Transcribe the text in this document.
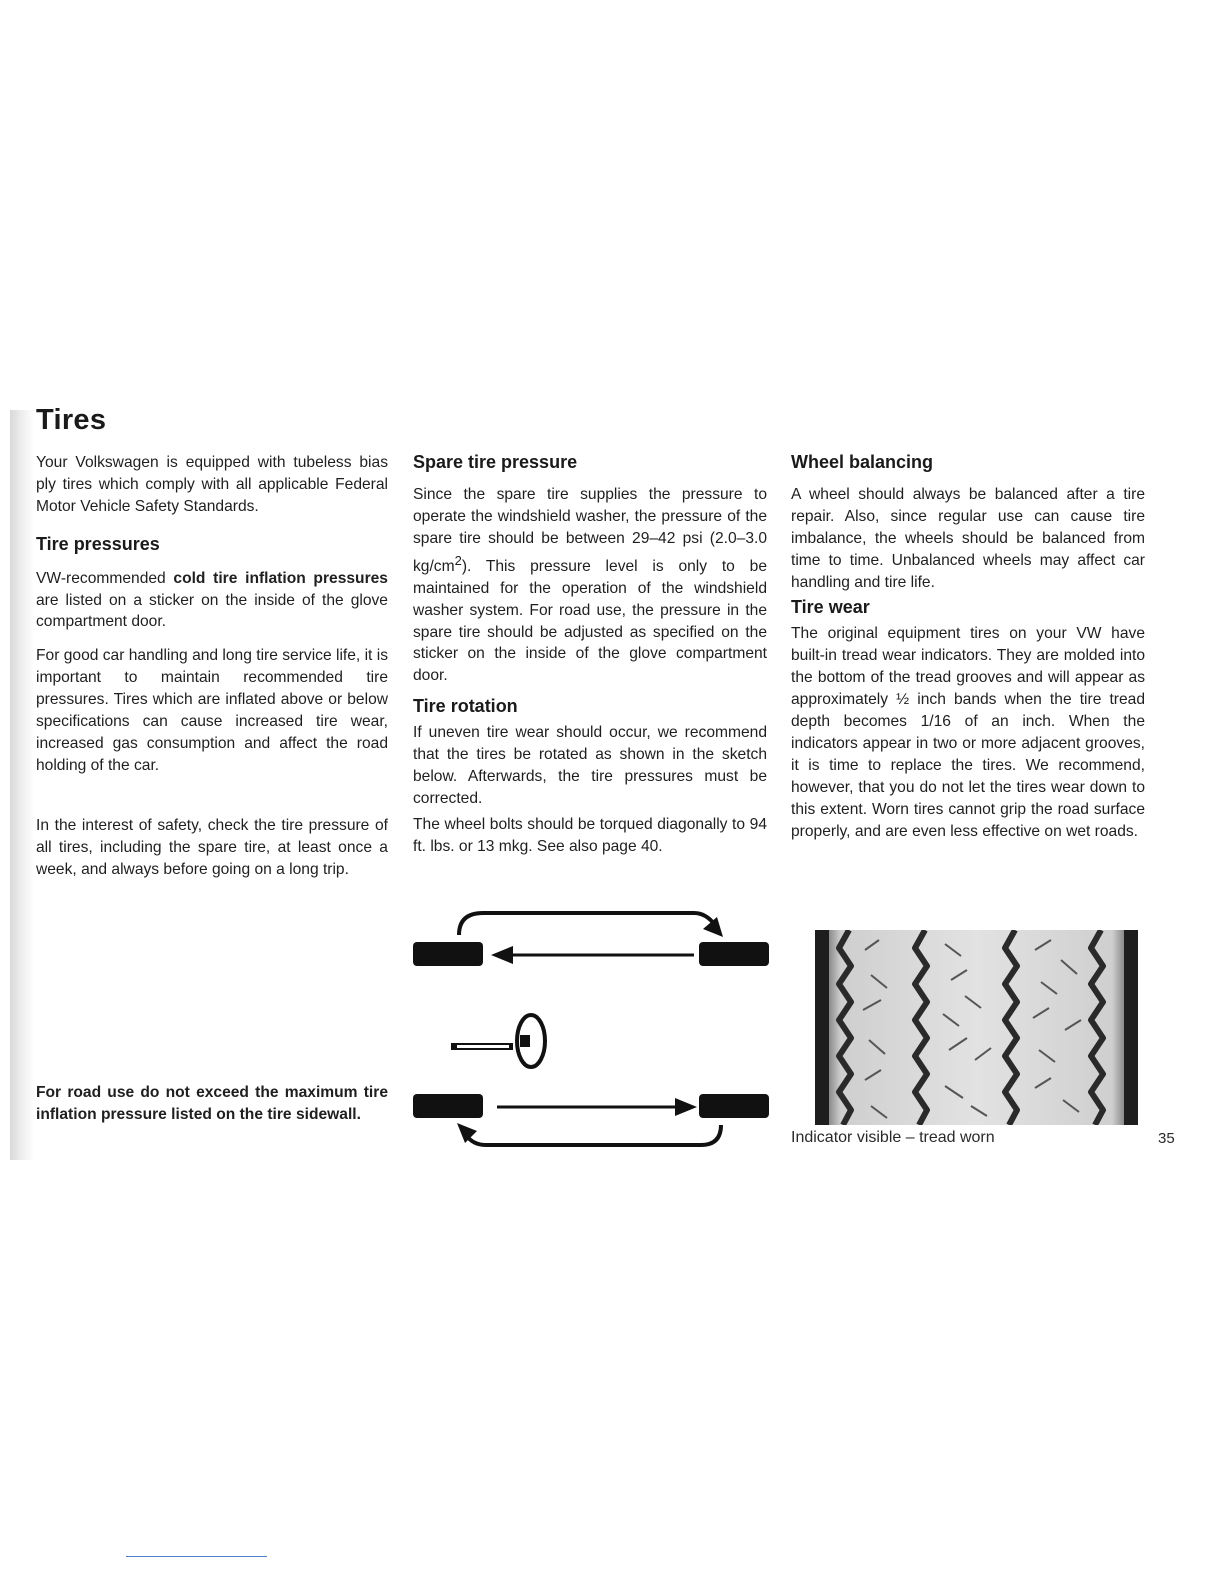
Tires

Your Volkswagen is equipped with tubeless bias ply tires which comply with all applicable Federal Motor Vehicle Safety Standards.

Tire pressures

VW-recommended cold tire inflation pressures are listed on a sticker on the inside of the glove compartment door.

For good car handling and long tire service life, it is important to maintain recommended tire pressures. Tires which are inflated above or below specifications can cause increased tire wear, increased gas consumption and affect the road holding of the car.

In the interest of safety, check the tire pressure of all tires, including the spare tire, at least once a week, and always before going on a long trip.

For road use do not exceed the maximum tire inflation pressure listed on the tire sidewall.

Spare tire pressure

Since the spare tire supplies the pressure to operate the windshield washer, the pressure of the spare tire should be between 29–42 psi (2.0–3.0 $kg/cm^2$). This pressure level is only to be maintained for the operation of the windshield washer system. For road use, the pressure in the spare tire should be adjusted as specified on the sticker on the inside of the glove compartment door.

Tire rotation

If uneven tire wear should occur, we recommend that the tires be rotated as shown in the sketch below. Afterwards, the tire pressures must be corrected.

The wheel bolts should be torqued diagonally to 94 ft. lbs. or 13 mkg. See also page 40.

Wheel balancing

A wheel should always be balanced after a tire repair. Also, since regular use can cause tire imbalance, the wheels should be balanced from time to time. Unbalanced wheels may affect car handling and tire life.

Tire wear

The original equipment tires on your VW have built-in tread wear indicators. They are molded into the bottom of the tread grooves and will appear as approximately ½ inch bands when the tire tread depth becomes 1/16 of an inch. When the indicators appear in two or more adjacent grooves, it is time to replace the tires. We recommend, however, that you do not let the tires wear down to this extent. Worn tires cannot grip the road surface properly, and are even less effective on wet roads.

Indicator visible – tread worn	35
